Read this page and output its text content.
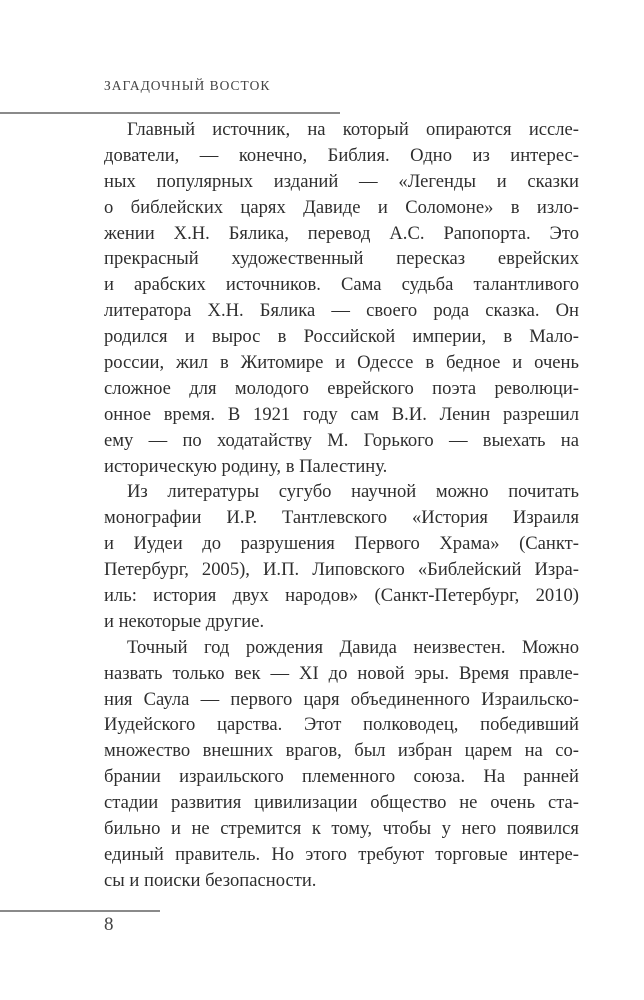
ЗАГАДОЧНЫЙ ВОСТОК
Главный источник, на который опираются иссле-
дователи, — конечно, Библия. Одно из интерес-
ных популярных изданий — «Легенды и сказки
о библейских царях Давиде и Соломоне» в изло-
жении Х.Н. Бялика, перевод А.С. Рапопорта. Это
прекрасный художественный пересказ еврейских
и арабских источников. Сама судьба талантливого
литератора Х.Н. Бялика — своего рода сказка. Он
родился и вырос в Российской империи, в Мало-
россии, жил в Житомире и Одессе в бедное и очень
сложное для молодого еврейского поэта революци-
онное время. В 1921 году сам В.И. Ленин разрешил
ему — по ходатайству М. Горького — выехать на
историческую родину, в Палестину.
Из литературы сугубо научной можно почитать
монографии И.Р. Тантлевского «История Израиля
и Иудеи до разрушения Первого Храма» (Санкт-
Петербург, 2005), И.П. Липовского «Библейский Изра-
иль: история двух народов» (Санкт-Петербург, 2010)
и некоторые другие.
Точный год рождения Давида неизвестен. Можно
назвать только век — XI до новой эры. Время правле-
ния Саула — первого царя объединенного Израильско-
Иудейского царства. Этот полководец, победивший
множество внешних врагов, был избран царем на со-
брании израильского племенного союза. На ранней
стадии развития цивилизации общество не очень ста-
бильно и не стремится к тому, чтобы у него появился
единый правитель. Но этого требуют торговые интере-
сы и поиски безопасности.
8
